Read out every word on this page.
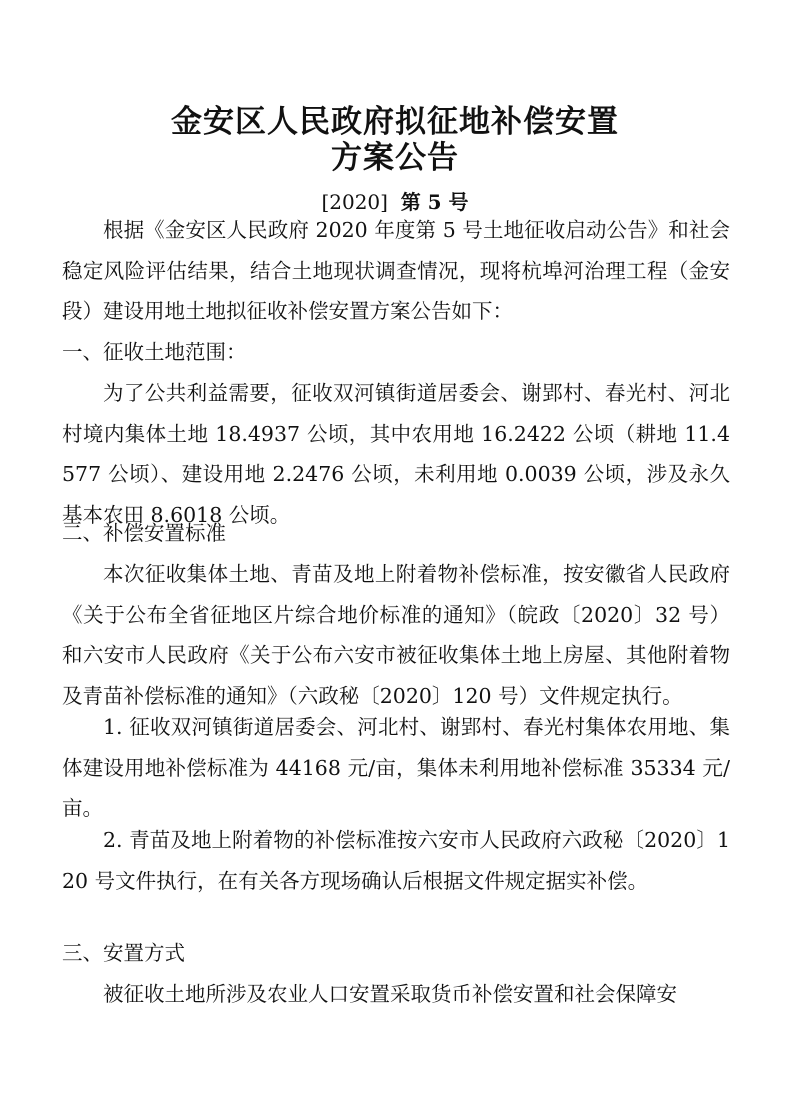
金安区人民政府拟征地补偿安置
方案公告
[2020] 第 5 号

根据《金安区人民政府 2020 年度第 5 号土地征收启动公告》和社会稳定风险评估结果，结合土地现状调查情况，现将杭埠河治理工程（金安段）建设用地土地拟征收补偿安置方案公告如下：

一、征收土地范围：

为了公共利益需要，征收双河镇街道居委会、谢郢村、春光村、河北村境内集体土地 18.4937 公顷，其中农用地 16.2422 公顷（耕地 11.4577 公顷）、建设用地 2.2476 公顷，未利用地 0.0039 公顷，涉及永久基本农田 8.6018 公顷。

二、补偿安置标准

本次征收集体土地、青苗及地上附着物补偿标准，按安徽省人民政府《关于公布全省征地区片综合地价标准的通知》（皖政〔2020〕32 号）和六安市人民政府《关于公布六安市被征收集体土地上房屋、其他附着物及青苗补偿标准的通知》（六政秘〔2020〕120 号）文件规定执行。

1. 征收双河镇街道居委会、河北村、谢郢村、春光村集体农用地、集体建设用地补偿标准为 44168 元/亩，集体未利用地补偿标准 35334 元/亩。

2. 青苗及地上附着物的补偿标准按六安市人民政府六政秘〔2020〕120 号文件执行，在有关各方现场确认后根据文件规定据实补偿。

三、安置方式

被征收土地所涉及农业人口安置采取货币补偿安置和社会保障安
